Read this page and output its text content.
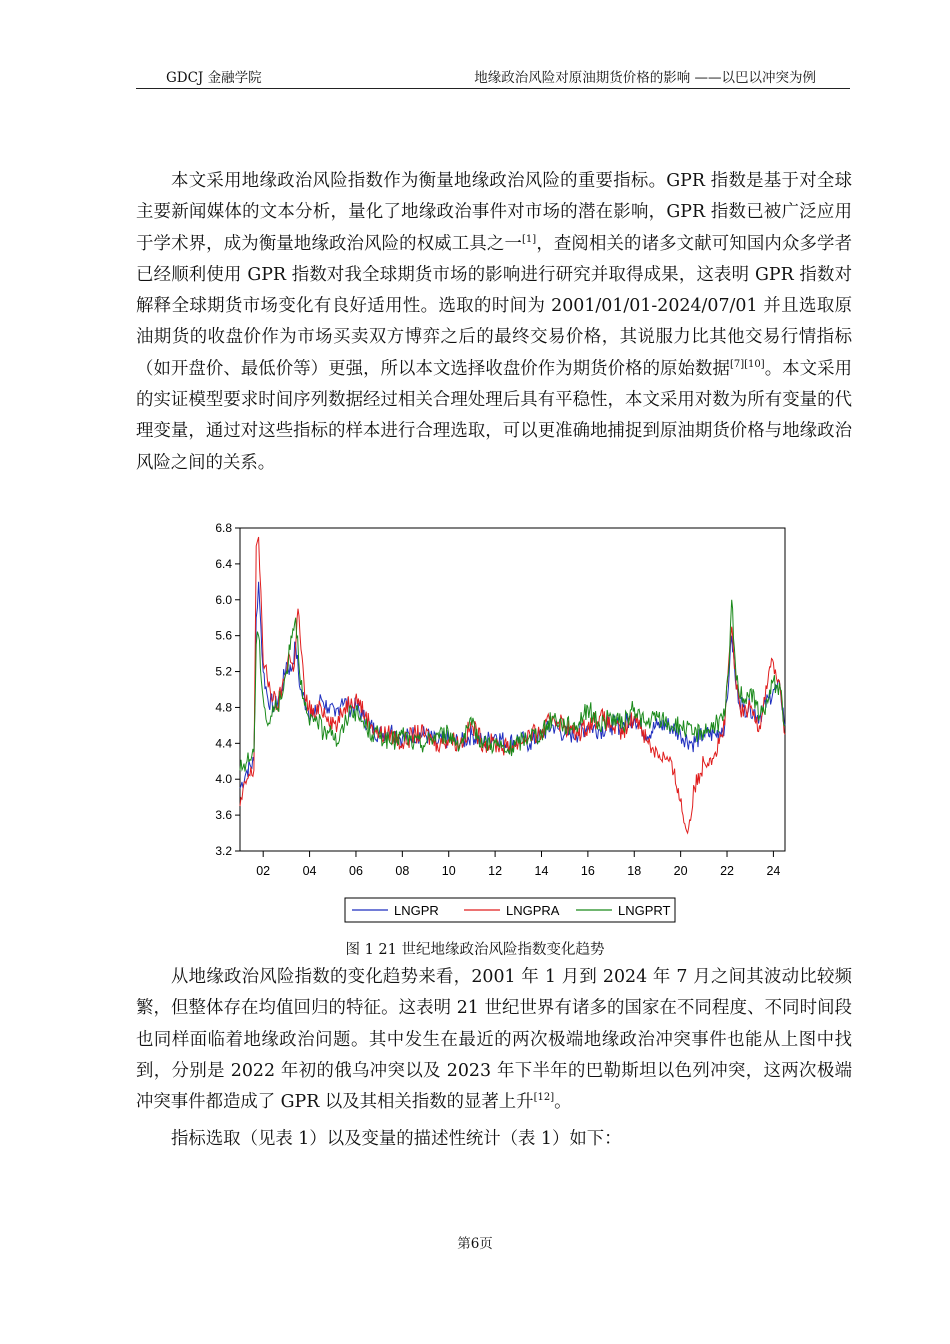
GDCJ 金融学院	地缘政治风险对原油期货价格的影响 ——以巴以冲突为例

本文采用地缘政治风险指数作为衡量地缘政治风险的重要指标。GPR 指数是基于对全球主要新闻媒体的文本分析，量化了地缘政治事件对市场的潜在影响，GPR 指数已被广泛应用于学术界，成为衡量地缘政治风险的权威工具之一[1]，查阅相关的诸多文献可知国内众多学者已经顺利使用 GPR 指数对我全球期货市场的影响进行研究并取得成果，这表明 GPR 指数对解释全球期货市场变化有良好适用性。选取的时间为 2001/01/01-2024/07/01 并且选取原油期货的收盘价作为市场买卖双方博弈之后的最终交易价格，其说服力比其他交易行情指标（如开盘价、最低价等）更强，所以本文选择收盘价作为期货价格的原始数据[7][10]。本文采用的实证模型要求时间序列数据经过相关合理处理后具有平稳性，本文采用对数为所有变量的代理变量，通过对这些指标的样本进行合理选取，可以更准确地捕捉到原油期货价格与地缘政治风险之间的关系。

3.2
3.6
4.0
4.4
4.8
5.2
5.6
6.0
6.4
6.8
02	04	06	08	10	12	14	16	18	20	22	24
LNGPR	LNGPRA	LNGPRT
图 1 21 世纪地缘政治风险指数变化趋势

从地缘政治风险指数的变化趋势来看，2001 年 1 月到 2024 年 7 月之间其波动比较频繁，但整体存在均值回归的特征。这表明 21 世纪世界有诸多的国家在不同程度、不同时间段也同样面临着地缘政治问题。其中发生在最近的两次极端地缘政治冲突事件也能从上图中找到，分别是 2022 年初的俄乌冲突以及 2023 年下半年的巴勒斯坦以色列冲突，这两次极端冲突事件都造成了 GPR 以及其相关指数的显著上升[12]。

指标选取（见表 1）以及变量的描述性统计（表 1）如下：

第6页
